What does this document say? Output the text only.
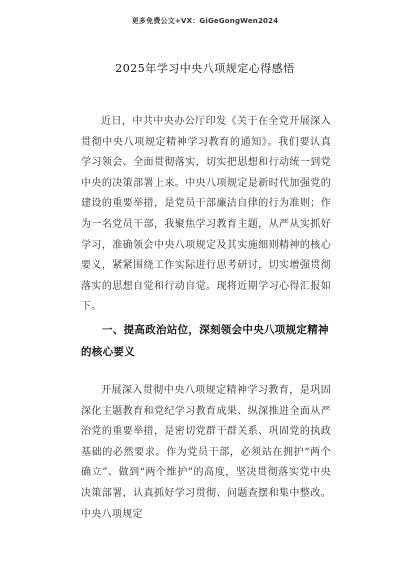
更多免费公文+VX：GiGeGongWen2024
2025年学习中央八项规定心得感悟

近日，中共中央办公厅印发《关于在全党开展深入贯彻中央八项规定精神学习教育的通知》。我们要认真学习领会、全面贯彻落实，切实把思想和行动统一到党中央的决策部署上来。中央八项规定是新时代加强党的建设的重要举措，是党员干部廉洁自律的行为准则；作为一名党员干部，我聚焦学习教育主题，从严从实抓好学习，准确领会中央八项规定及其实施细则精神的核心要义，紧紧围绕工作实际进行思考研讨，切实增强贯彻落实的思想自觉和行动自觉。现将近期学习心得汇报如下。

一、提高政治站位，深刻领会中央八项规定精神的核心要义

开展深入贯彻中央八项规定精神学习教育，是巩固深化主题教育和党纪学习教育成果、纵深推进全面从严治党的重要举措，是密切党群干群关系、巩固党的执政基础的必然要求。作为党员干部，必须站在拥护“两个确立”、做到“两个维护”的高度，坚决贯彻落实党中央决策部署，认真抓好学习贯彻、问题查摆和集中整改。中央八项规定
